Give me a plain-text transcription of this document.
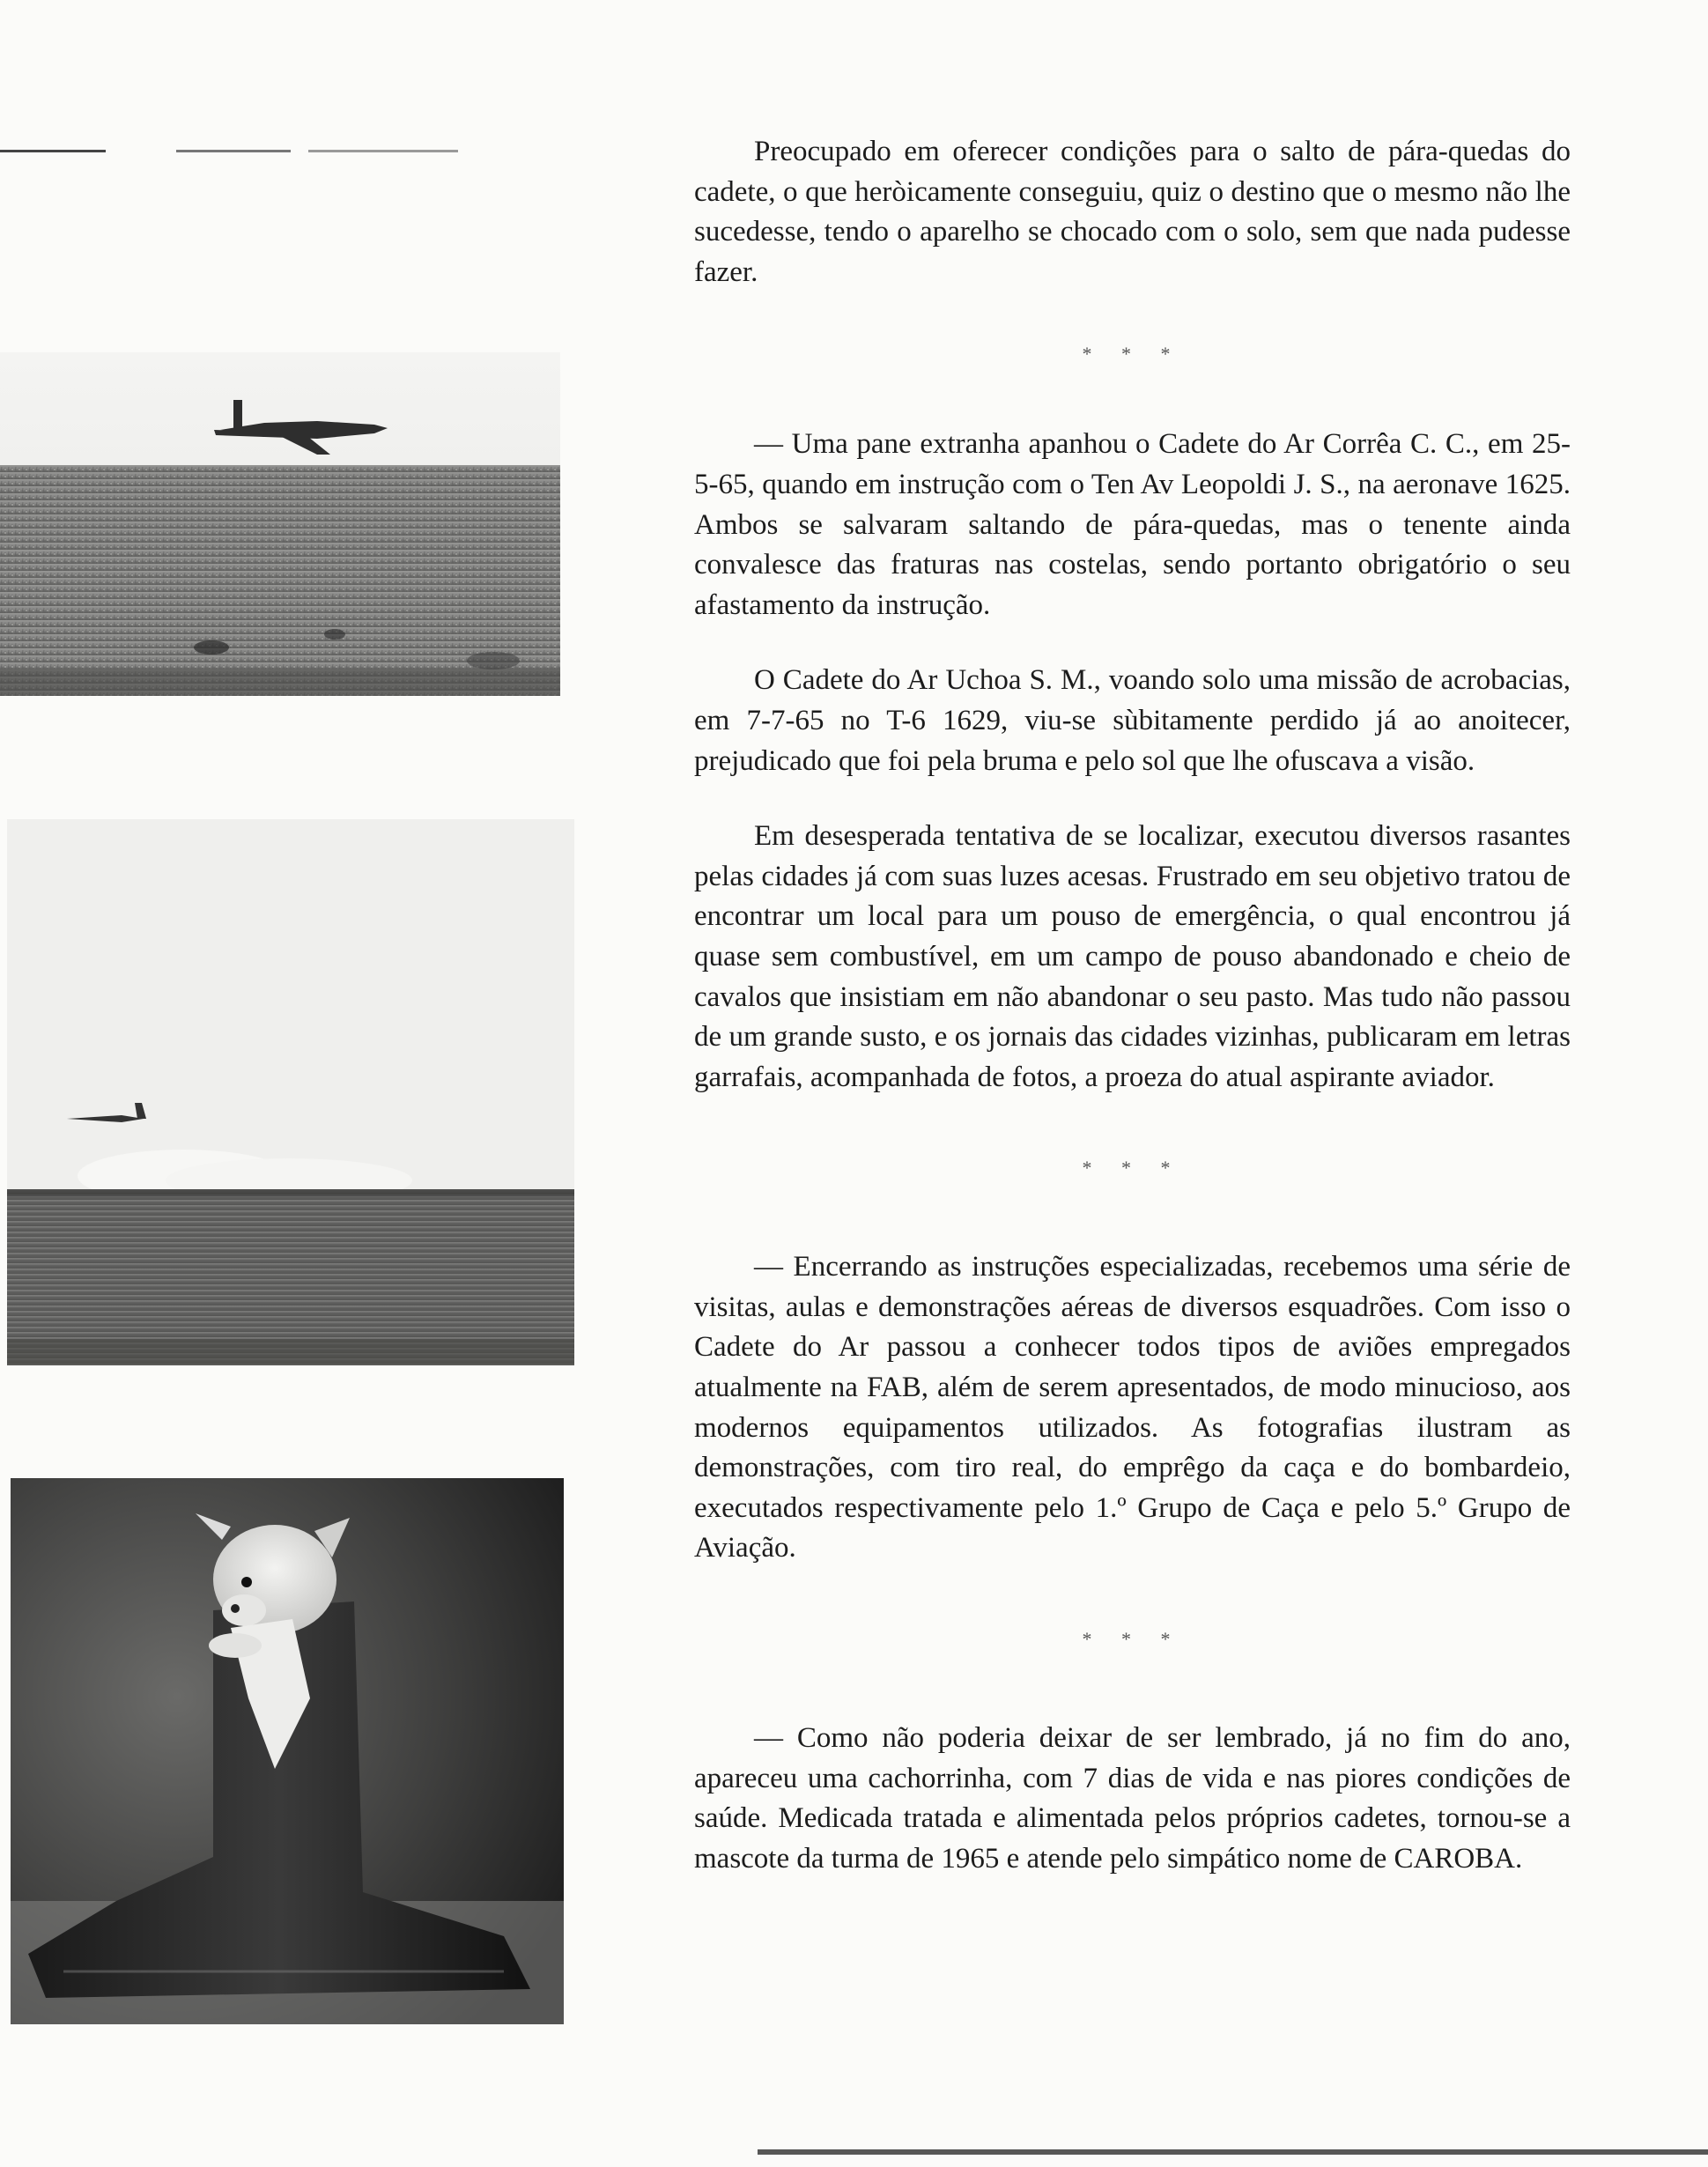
Preocupado em oferecer condições para o salto de pára-quedas do cadete, o que heròicamente conseguiu, quiz o destino que o mesmo não lhe sucedesse, tendo o aparelho se chocado com o solo, sem que nada pudesse fazer.

* * *

— Uma pane extranha apanhou o Cadete do Ar Corrêa C. C., em 25-5-65, quando em instrução com o Ten Av Leopoldi J. S., na aeronave 1625. Ambos se salvaram saltando de pára-quedas, mas o tenente ainda convalesce das fraturas nas costelas, sendo portanto obrigatório o seu afastamento da instrução.

O Cadete do Ar Uchoa S. M., voando solo uma missão de acrobacias, em 7-7-65 no T-6 1629, viu-se sùbitamente perdido já ao anoitecer, prejudicado que foi pela bruma e pelo sol que lhe ofuscava a visão.

Em desesperada tentativa de se localizar, executou diversos rasantes pelas cidades já com suas luzes acesas. Frustrado em seu objetivo tratou de encontrar um local para um pouso de emergência, o qual encontrou já quase sem combustível, em um campo de pouso abandonado e cheio de cavalos que insistiam em não abandonar o seu pasto. Mas tudo não passou de um grande susto, e os jornais das cidades vizinhas, publicaram em letras garrafais, acompanhada de fotos, a proeza do atual aspirante aviador.

* * *

— Encerrando as instruções especializadas, recebemos uma série de visitas, aulas e demonstrações aéreas de diversos esquadrões. Com isso o Cadete do Ar passou a conhecer todos tipos de aviões empregados atualmente na FAB, além de serem apresentados, de modo minucioso, aos modernos equipamentos utilizados. As fotografias ilustram as demonstrações, com tiro real, do emprêgo da caça e do bombardeio, executados respectivamente pelo 1.º Grupo de Caça e pelo 5.º Grupo de Aviação.

* * *

— Como não poderia deixar de ser lembrado, já no fim do ano, apareceu uma cachorrinha, com 7 dias de vida e nas piores condições de saúde. Medicada tratada e alimentada pelos próprios cadetes, tornou-se a mascote da turma de 1965 e atende pelo simpático nome de CAROBA.
